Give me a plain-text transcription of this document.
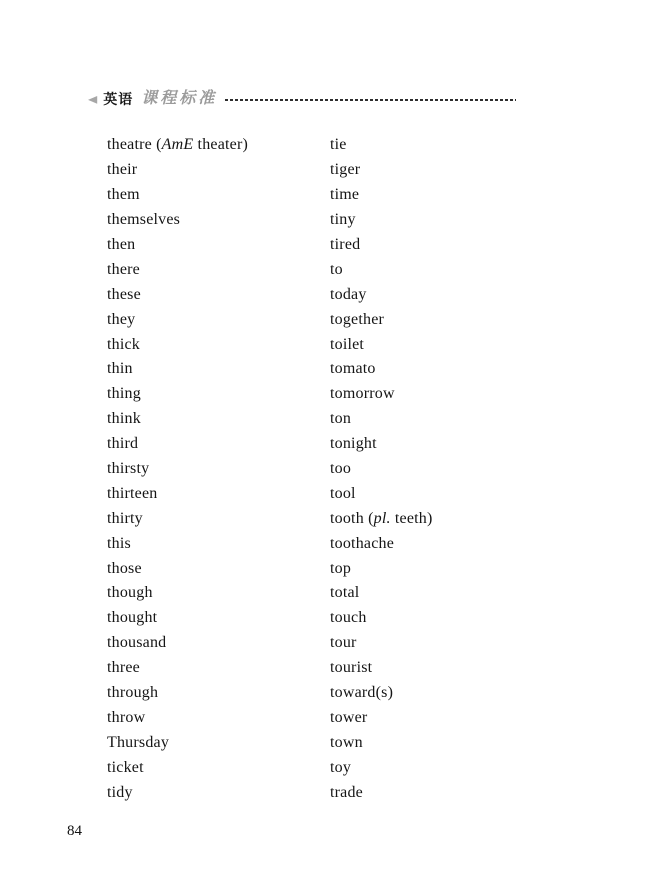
◀ 英语 课程标准
theatre (AmE theater)	tie
their	tiger
them	time
themselves	tiny
then	tired
there	to
these	today
they	together
thick	toilet
thin	tomato
thing	tomorrow
think	ton
third	tonight
thirsty	too
thirteen	tool
thirty	tooth (pl. teeth)
this	toothache
those	top
though	total
thought	touch
thousand	tour
three	tourist
through	toward(s)
throw	tower
Thursday	town
ticket	toy
tidy	trade
84
